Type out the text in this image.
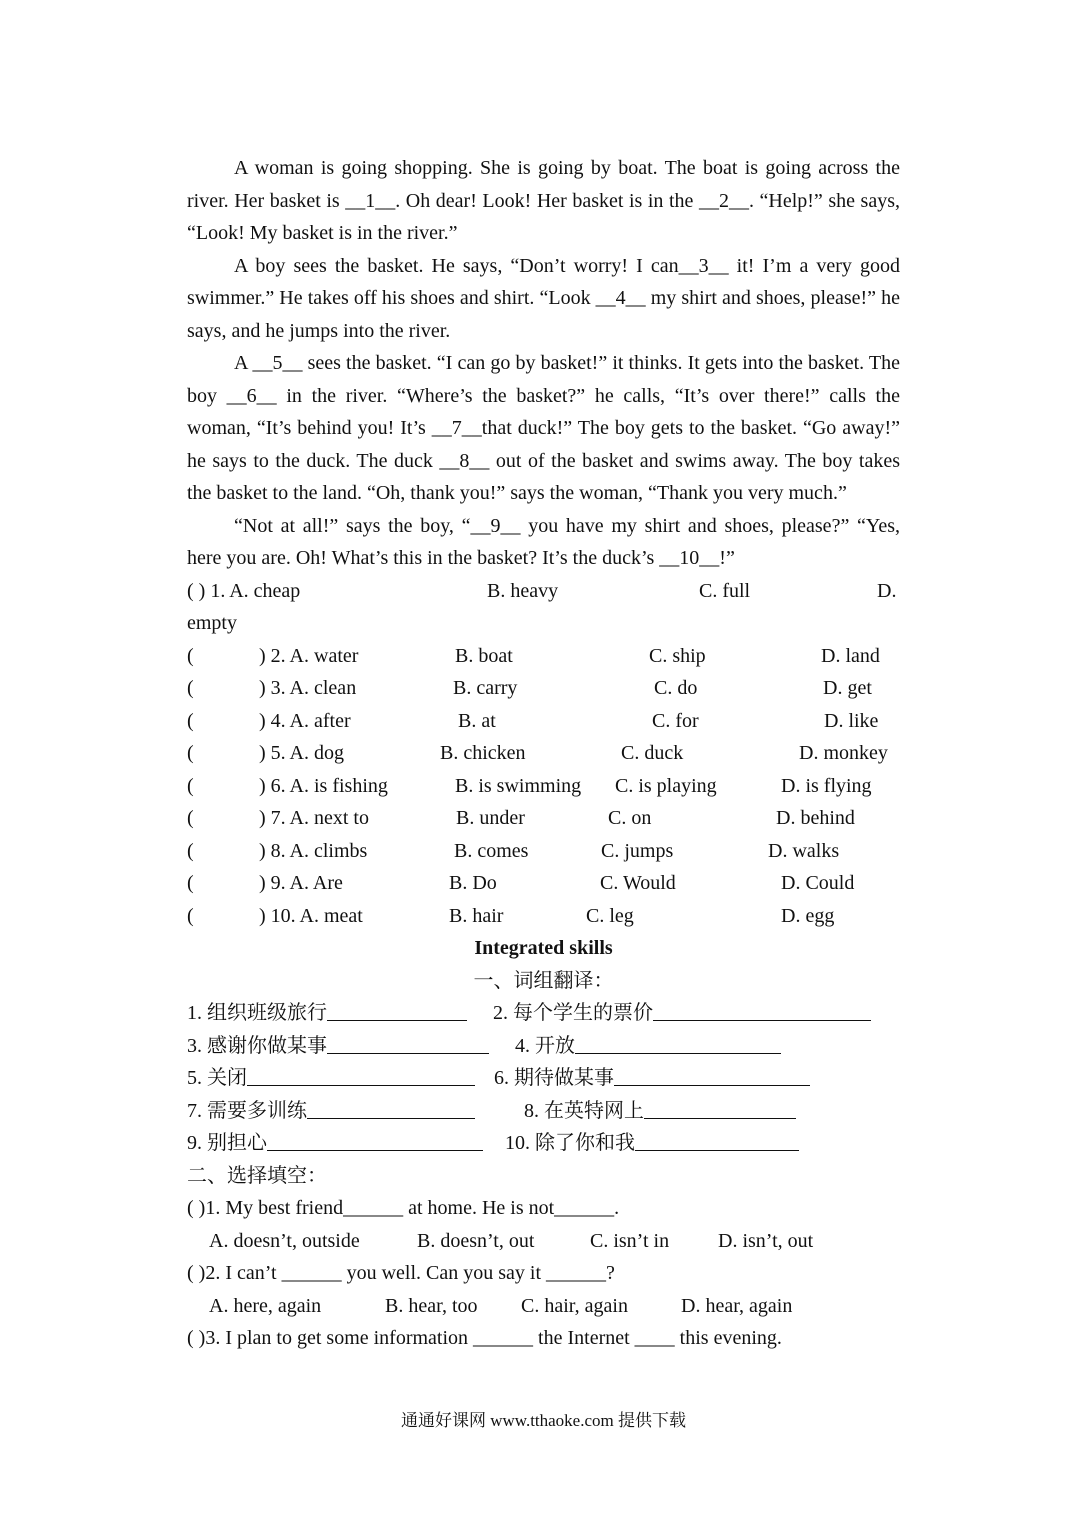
A woman is going shopping. She is going by boat. The boat is going across the river. Her basket is __1__. Oh dear! Look! Her basket is in the __2__. “Help!” she says, “Look! My basket is in the river.”

A boy sees the basket. He says, “Don’t worry! I can__3__ it! I’m a very good swimmer.” He takes off his shoes and shirt. “Look __4__ my shirt and shoes, please!” he says, and he jumps into the river.

A __5__ sees the basket. “I can go by basket!” it thinks. It gets into the basket. The boy __6__ in the river. “Where’s the basket?” he calls, “It’s over there!” calls the woman, “It’s behind you! It’s __7__that duck!” The boy gets to the basket. “Go away!” he says to the duck. The duck __8__ out of the basket and swims away. The boy takes the basket to the land. “Oh, thank you!” says the woman, “Thank you very much.”

“Not at all!” says the boy, “__9__ you have my shirt and shoes, please?” “Yes, here you are. Oh! What’s this in the basket? It’s the duck’s __10__!”

( ) 1. A. cheap	B. heavy	C. full	D.
empty
(	) 2. A. water	B. boat	C. ship	D. land
(	) 3. A. clean	B. carry	C. do	D. get
(	) 4. A. after	B. at	C. for	D. like
(	) 5. A. dog	B. chicken	C. duck	D. monkey
(	) 6. A. is fishing	B. is swimming C. is playing	D. is flying
(	) 7. A. next to	B. under	C. on	D. behind
(	) 8. A. climbs	B. comes	C. jumps	D. walks
(	) 9. A. Are	B. Do	C. Would	D. Could
(	) 10. A. meat	B. hair	C. leg	D. egg
Integrated skills
一、词组翻译：
1. 组织班级旅行	2. 每个学生的票价
3. 感谢你做某事	4. 开放
5. 关闭	6. 期待做某事
7. 需要多训练	8. 在英特网上
9. 别担心	10. 除了你和我
二、选择填空：
( )1. My best friend______ at home. He is not______.
A. doesn’t, outside	B. doesn’t, out	C. isn’t in D. isn’t, out
( )2. I can’t ______ you well. Can you say it ______?
A. here, again	B. hear, too C. hair, again	D. hear, again
( )3. I plan to get some information ______ the Internet ____ this evening.
通通好课网 www.tthaoke.com 提供下载
